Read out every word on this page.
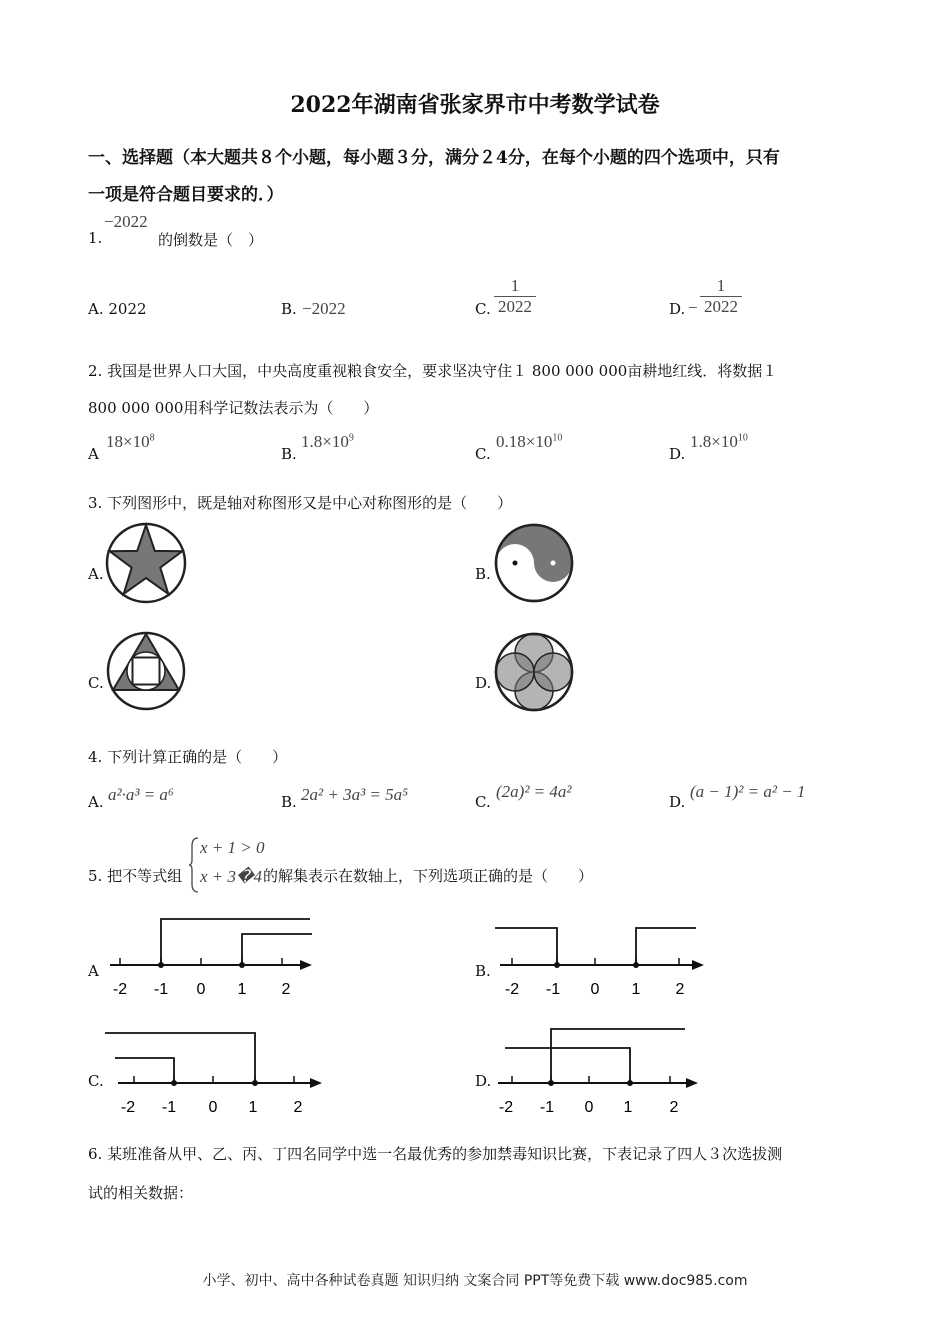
2022年湖南省张家界市中考数学试卷
一、选择题（本大题共８个小题，每小题３分，满分２4分，在每个小题的四个选项中，只有
一项是符合题目要求的．）
1.
−2022
的倒数是（　）
A. 2022	B. −2022	C. $\frac{1}{2022}$	D. − $\frac{1}{2022}$
2. 我国是世界人口大国，中央高度重视粮食安全，要求坚决守住１ 800 000 000亩耕地红线．将数据１
800 000 000用科学记数法表示为（　　）
A
$18\times 10^8$
B.
$1.8\times 10^9$
C.
$0.18\times 10^{10}$
D.
$1.8\times 10^{10}$
3. 下列图形中，既是轴对称图形又是中心对称图形的是（　　）
A.	B.
C.	D.
4. 下列计算正确的是（　　）
A. a²·a³ = a⁶	B. 2a² + 3a³ = 5a⁵	C.
(2a)² = 4a²
D.
(a − 1)² = a² − 1
5. 把不等式组
x + 1 > 0
x + 3�4 的解集表示在数轴上，下列选项正确的是（　　）
A
-2 -1 0 1 2
B.
-2 -1 0 1 2
C.
-2 -1 0 1 2
D.
-2 -1 0 1 2
6. 某班准备从甲、乙、丙、丁四名同学中选一名最优秀的参加禁毒知识比赛，下表记录了四人３次选拔测
试的相关数据：
小学、初中、高中各种试卷真题 知识归纳 文案合同 PPT等免费下载 www.doc985.com
